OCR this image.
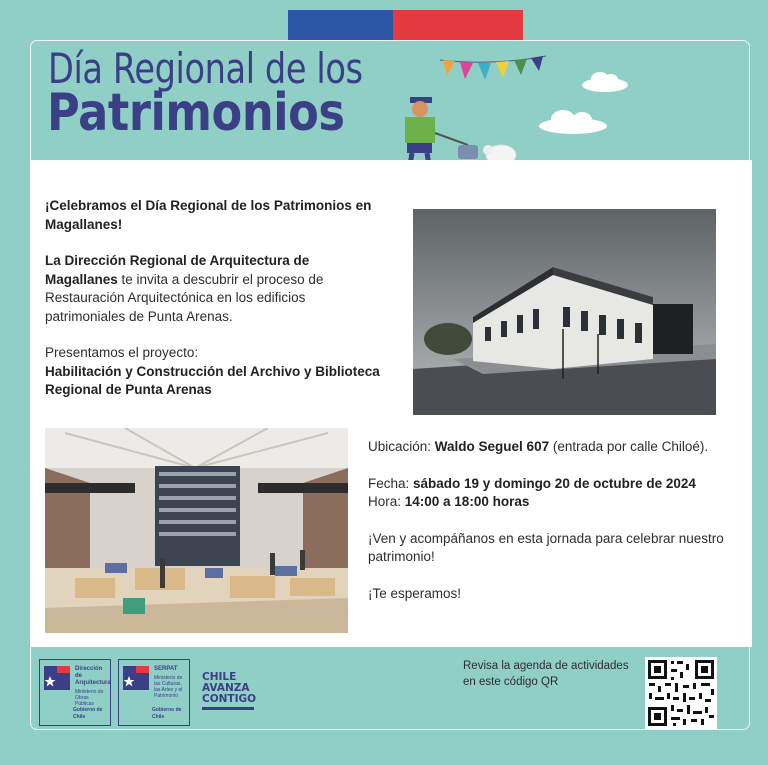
Día Regional de los
Patrimonios

¡Celebramos el Día Regional de los Patrimonios en Magallanes!

La Dirección Regional de Arquitectura de Magallanes te invita a descubrir el proceso de Restauración Arquitectónica en los edificios patrimoniales de Punta Arenas.

Presentamos el proyecto:
Habilitación y Construcción del Archivo y Biblioteca Regional de Punta Arenas

Ubicación: Waldo Seguel 607 (entrada por calle Chiloé).

Fecha: sábado 19 y domingo 20 de octubre de 2024
Hora: 14:00 a 18:00 horas

¡Ven y acompáñanos en esta jornada para celebrar nuestro patrimonio!

¡Te esperamos!

Dirección de Arquitectura
Ministerio de Obras Públicas
Gobierno de Chile
SERPAT
Ministerio de las Culturas, las Artes y el Patrimonio
Gobierno de Chile
CHILE
AVANZA
CONTIGO
Revisa la agenda de actividades en este código QR
